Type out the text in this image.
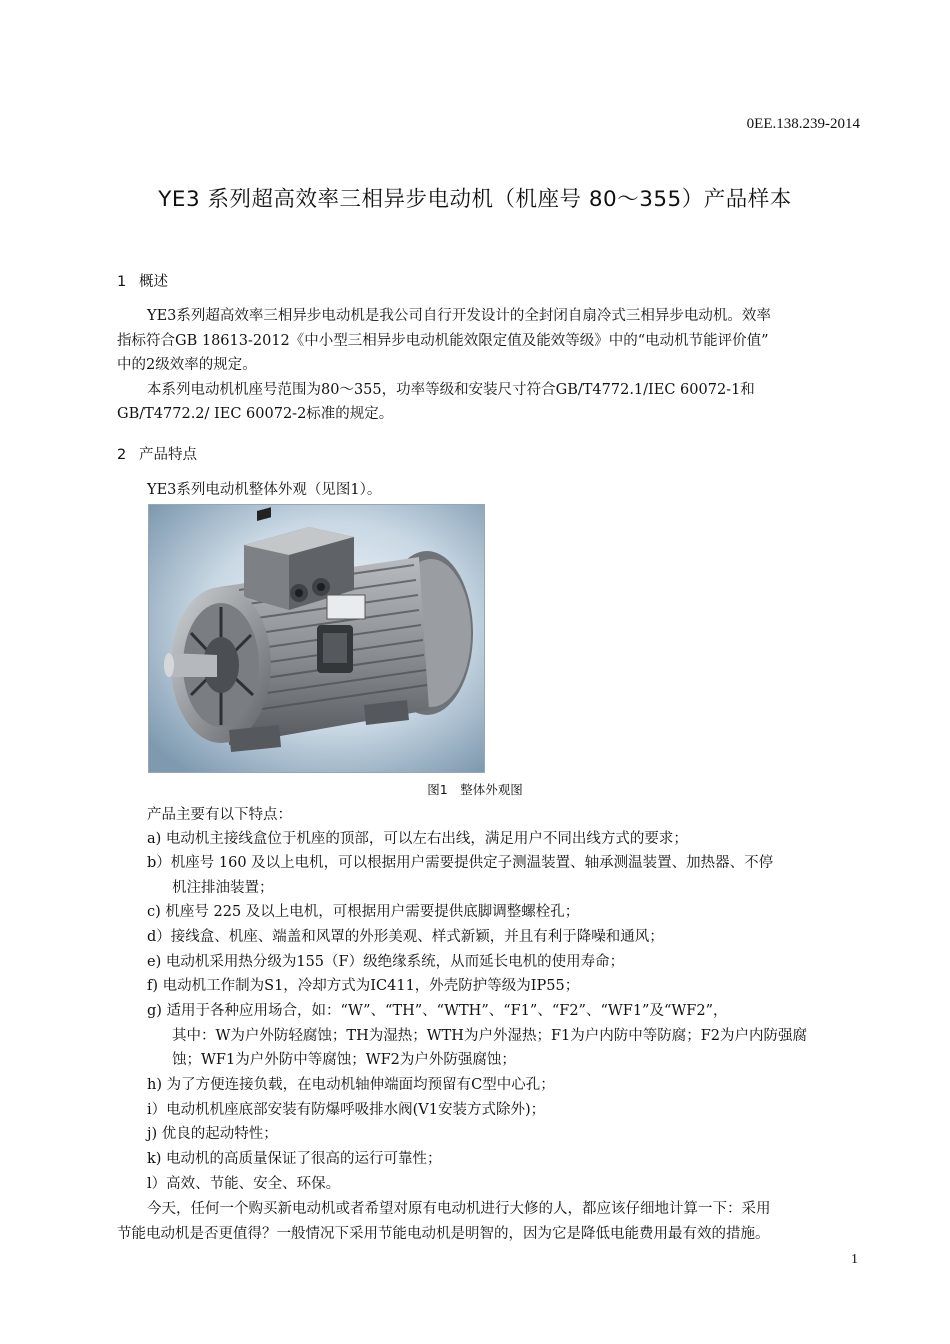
0EE.138.239-2014
YE3 系列超高效率三相异步电动机（机座号 80～355）产品样本
1 概述
YE3系列超高效率三相异步电动机是我公司自行开发设计的全封闭自扇冷式三相异步电动机。效率
指标符合GB 18613-2012《中小型三相异步电动机能效限定值及能效等级》中的“电动机节能评价值”
中的2级效率的规定。
本系列电动机机座号范围为80～355，功率等级和安装尺寸符合GB/T4772.1/IEC 60072-1和
GB/T4772.2/ IEC 60072-2标准的规定。
2 产品特点
YE3系列电动机整体外观（见图1）。
图1　整体外观图
产品主要有以下特点：
a) 电动机主接线盒位于机座的顶部，可以左右出线，满足用户不同出线方式的要求；
b）机座号 160 及以上电机，可以根据用户需要提供定子测温装置、轴承测温装置、加热器、不停
机注排油装置；
c) 机座号 225 及以上电机，可根据用户需要提供底脚调整螺栓孔；
d）接线盒、机座、端盖和风罩的外形美观、样式新颖，并且有利于降噪和通风；
e) 电动机采用热分级为155（F）级绝缘系统，从而延长电机的使用寿命；
f) 电动机工作制为S1，冷却方式为IC411，外壳防护等级为IP55；
g) 适用于各种应用场合，如：“W”、“TH”、“WTH”、“F1”、“F2”、“WF1”及“WF2”，
其中：W为户外防轻腐蚀；TH为湿热；WTH为户外湿热；F1为户内防中等防腐；F2为户内防强腐
蚀；WF1为户外防中等腐蚀；WF2为户外防强腐蚀；
h) 为了方便连接负载，在电动机轴伸端面均预留有C型中心孔；
i）电动机机座底部安装有防爆呼吸排水阀(V1安装方式除外)；
j) 优良的起动特性；
k) 电动机的高质量保证了很高的运行可靠性；
l）高效、节能、安全、环保。
今天，任何一个购买新电动机或者希望对原有电动机进行大修的人，都应该仔细地计算一下：采用
节能电动机是否更值得？一般情况下采用节能电动机是明智的，因为它是降低电能费用最有效的措施。
1
